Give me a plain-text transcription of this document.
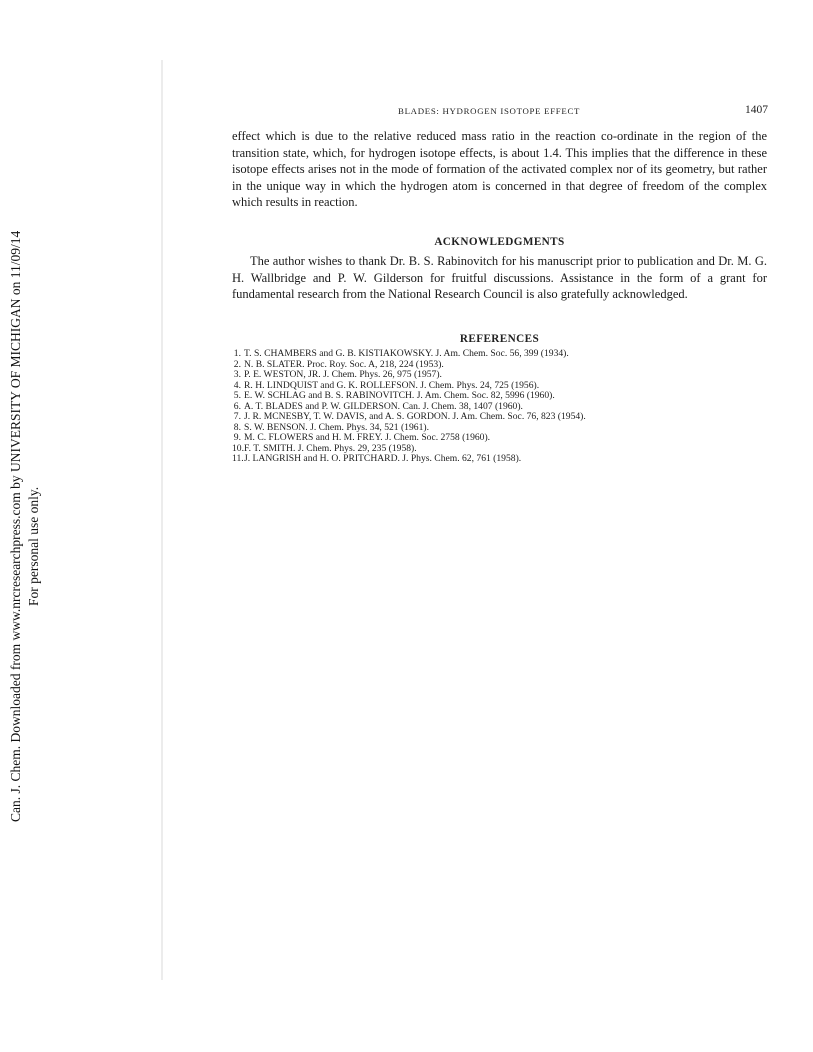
Can. J. Chem. Downloaded from www.nrcresearchpress.com by UNIVERSITY OF MICHIGAN on 11/09/14 For personal use only.
BLADES: HYDROGEN ISOTOPE EFFECT	1407

effect which is due to the relative reduced mass ratio in the reaction co-ordinate in the region of the transition state, which, for hydrogen isotope effects, is about 1.4. This implies that the difference in these isotope effects arises not in the mode of formation of the activated complex nor of its geometry, but rather in the unique way in which the hydrogen atom is concerned in that degree of freedom of the complex which results in reaction.

ACKNOWLEDGMENTS

The author wishes to thank Dr. B. S. Rabinovitch for his manuscript prior to publication and Dr. M. G. H. Wallbridge and P. W. Gilderson for fruitful discussions. Assistance in the form of a grant for fundamental research from the National Research Council is also gratefully acknowledged.

REFERENCES
1. T. S. CHAMBERS and G. B. KISTIAKOWSKY. J. Am. Chem. Soc. 56, 399 (1934).
2. N. B. SLATER. Proc. Roy. Soc. A, 218, 224 (1953).
3. P. E. WESTON, JR. J. Chem. Phys. 26, 975 (1957).
4. R. H. LINDQUIST and G. K. ROLLEFSON. J. Chem. Phys. 24, 725 (1956).
5. E. W. SCHLAG and B. S. RABINOVITCH. J. Am. Chem. Soc. 82, 5996 (1960).
6. A. T. BLADES and P. W. GILDERSON. Can. J. Chem. 38, 1407 (1960).
7. J. R. MCNESBY, T. W. DAVIS, and A. S. GORDON. J. Am. Chem. Soc. 76, 823 (1954).
8. S. W. BENSON. J. Chem. Phys. 34, 521 (1961).
9. M. C. FLOWERS and H. M. FREY. J. Chem. Soc. 2758 (1960).
10. F. T. SMITH. J. Chem. Phys. 29, 235 (1958).
11. J. LANGRISH and H. O. PRITCHARD. J. Phys. Chem. 62, 761 (1958).
